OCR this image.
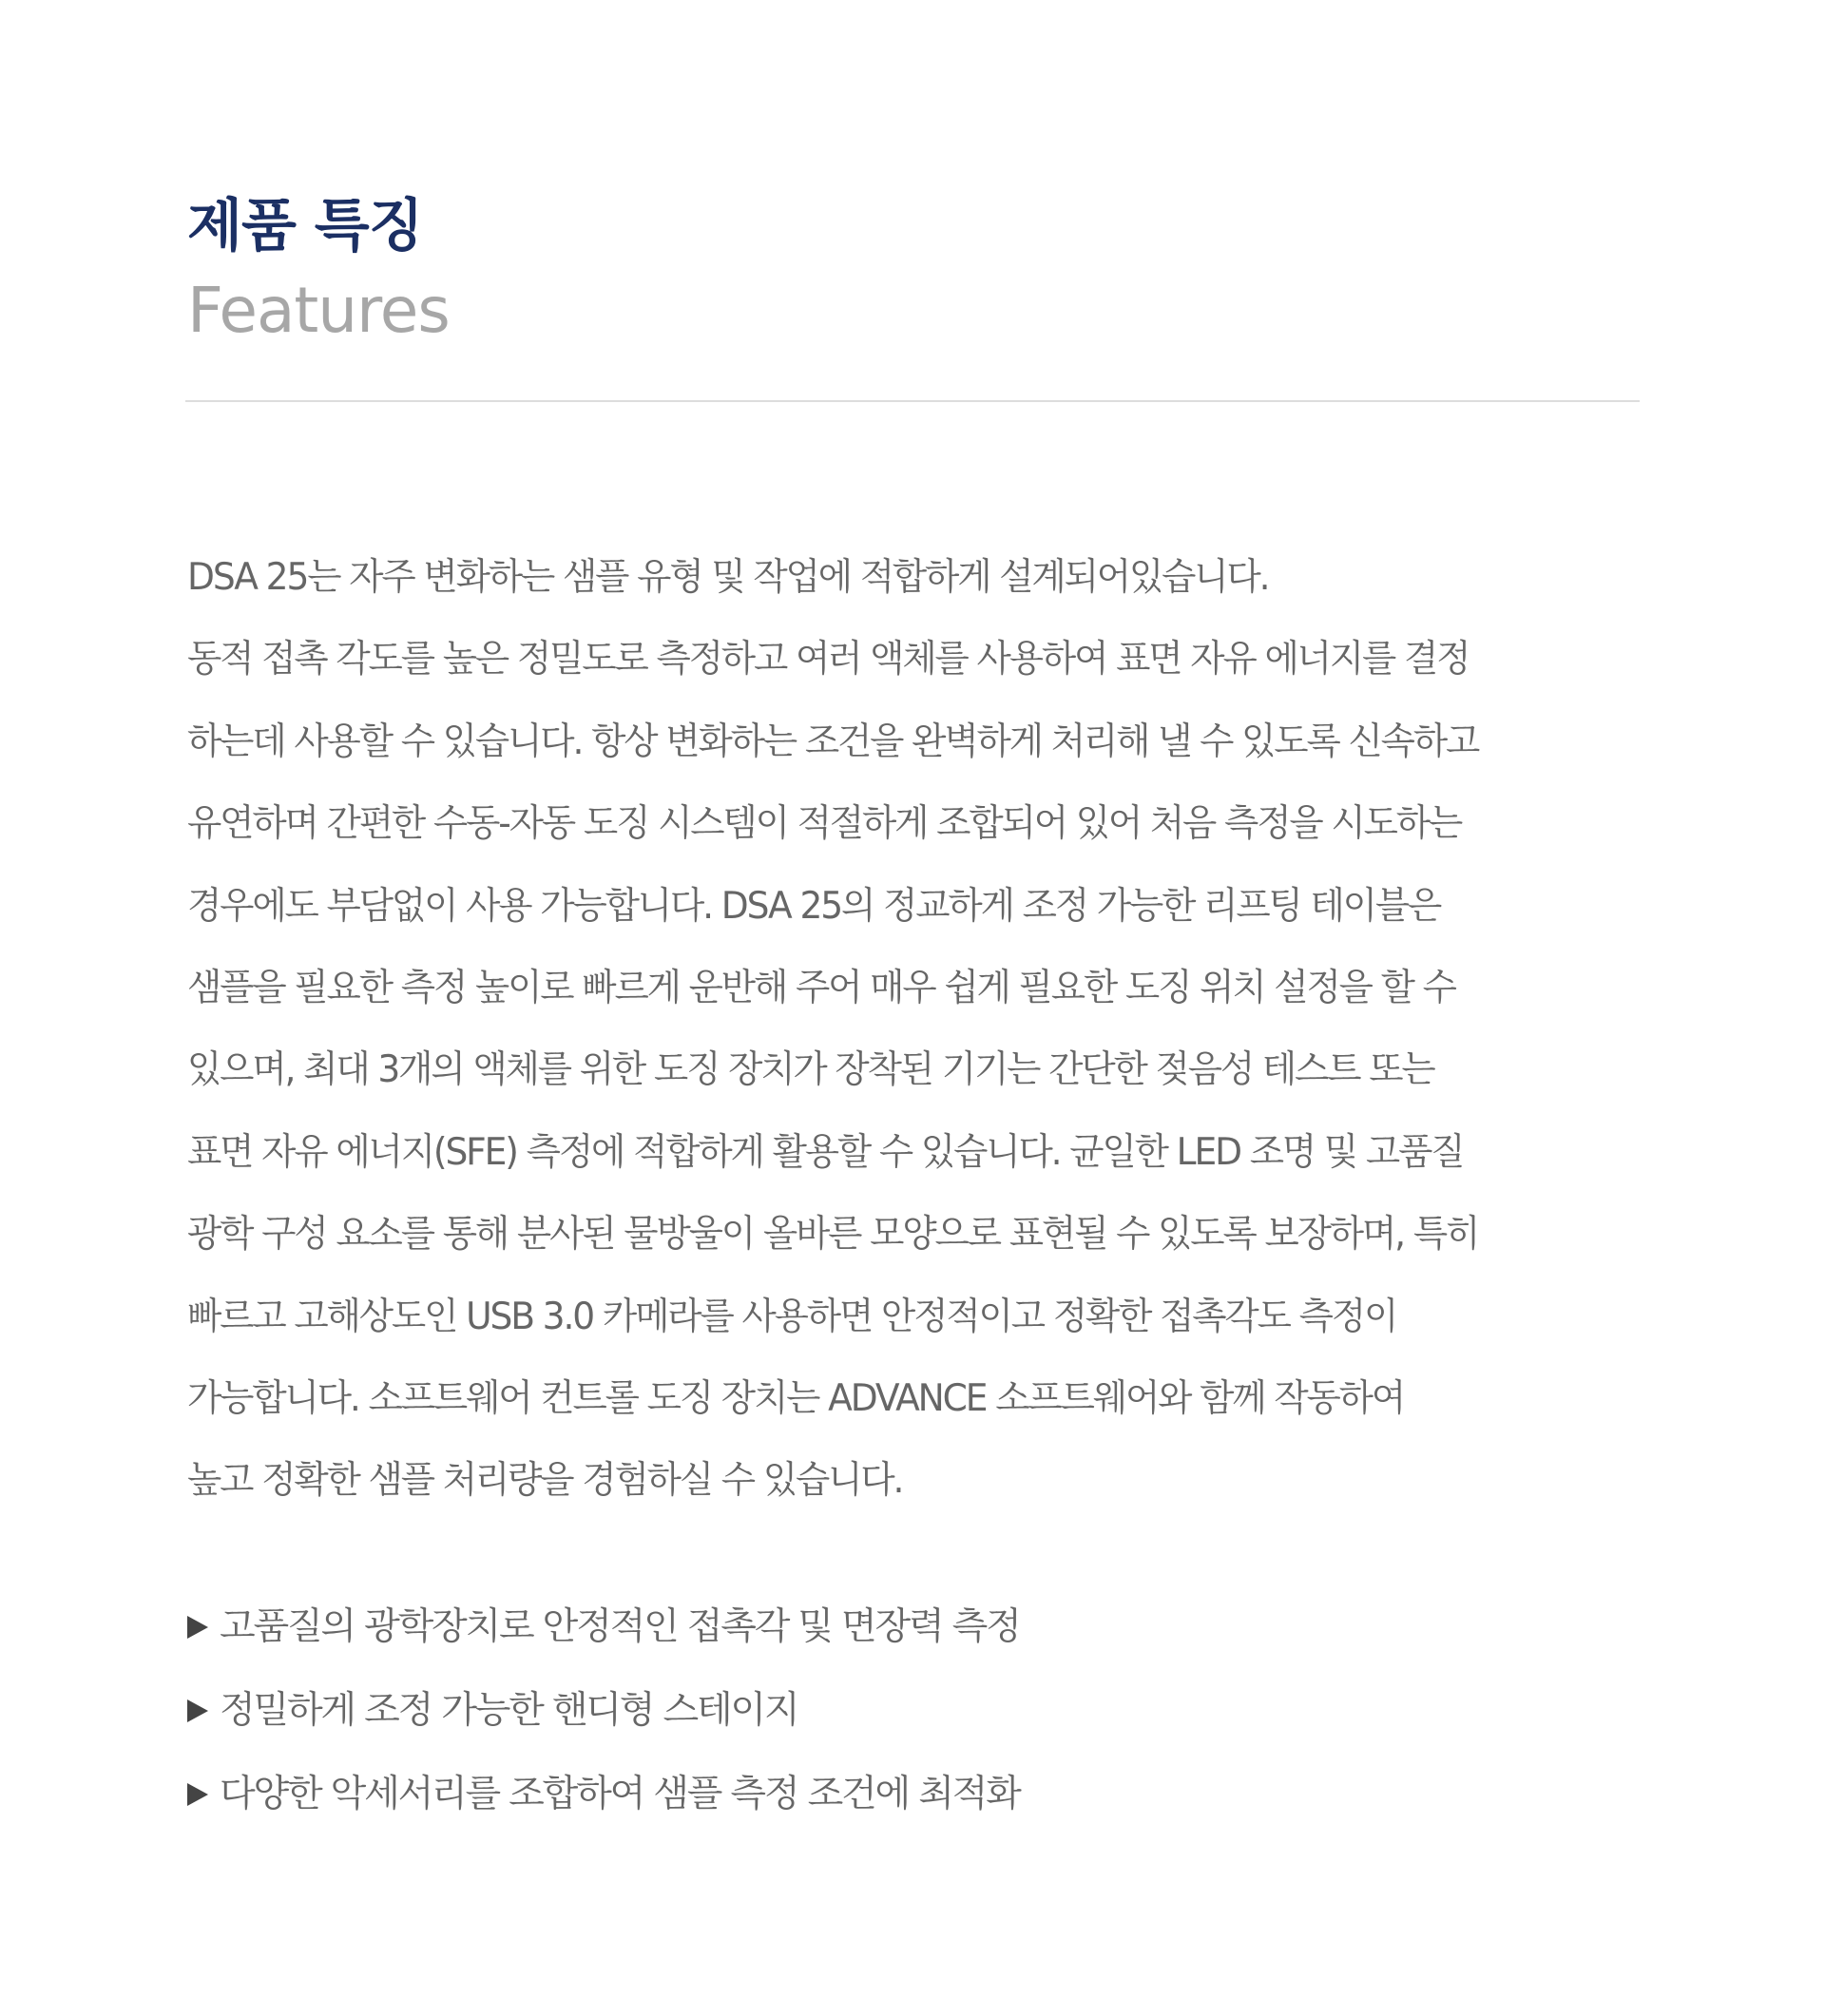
제품 특징
Features
DSA 25는 자주 변화하는 샘플 유형 및 작업에 적합하게 설계되어있습니다.
동적 접촉 각도를 높은 정밀도로 측정하고 여러 액체를 사용하여 표면 자유 에너지를 결정
하는데 사용할 수 있습니다. 항상 변화하는 조건을 완벽하게 처리해 낼 수 있도록 신속하고
유연하며 간편한 수동-자동 도징 시스템이 적절하게 조합되어 있어 처음 측정을 시도하는
경우에도 부담없이 사용 가능합니다. DSA 25의 정교하게 조정 가능한 리프팅 테이블은
샘플을 필요한 측정 높이로 빠르게 운반해 주어 매우 쉽게 필요한 도징 위치 설정을 할 수
있으며, 최대 3개의 액체를 위한 도징 장치가 장착된 기기는 간단한 젖음성 테스트 또는
표면 자유 에너지(SFE) 측정에 적합하게 활용할 수 있습니다. 균일한 LED 조명 및 고품질
광학 구성 요소를 통해 분사된 물방울이 올바른 모양으로 표현될 수 있도록 보장하며, 특히
빠르고 고해상도인 USB 3.0 카메라를 사용하면 안정적이고 정확한 접촉각도 측정이
가능합니다. 소프트웨어 컨트롤 도징 장치는 ADVANCE 소프트웨어와 함께 작동하여
높고 정확한 샘플 처리량을 경험하실 수 있습니다.
고품질의 광학장치로 안정적인 접촉각 및 면장력 측정
정밀하게 조정 가능한 핸디형 스테이지
다양한 악세서리를 조합하여 샘플 측정 조건에 최적화
